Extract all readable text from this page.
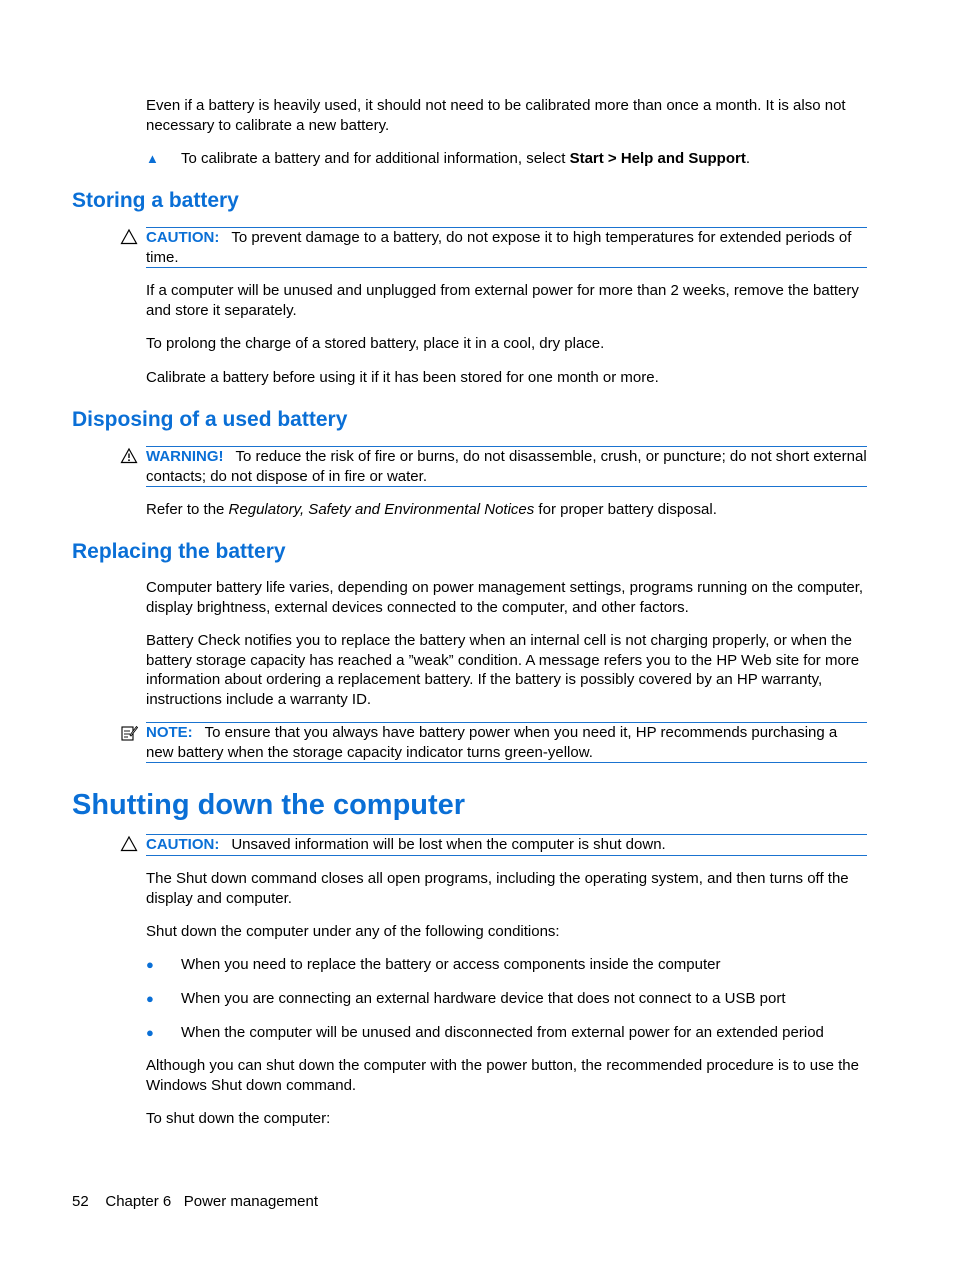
Even if a battery is heavily used, it should not need to be calibrated more than once a month. It is also not necessary to calibrate a new battery.

▲ To calibrate a battery and for additional information, select Start > Help and Support.
Storing a battery
CAUTION: To prevent damage to a battery, do not expose it to high temperatures for extended periods of time.

If a computer will be unused and unplugged from external power for more than 2 weeks, remove the battery and store it separately.

To prolong the charge of a stored battery, place it in a cool, dry place.

Calibrate a battery before using it if it has been stored for one month or more.

Disposing of a used battery
WARNING! To reduce the risk of fire or burns, do not disassemble, crush, or puncture; do not short external contacts; do not dispose of in fire or water.

Refer to the Regulatory, Safety and Environmental Notices for proper battery disposal.

Replacing the battery

Computer battery life varies, depending on power management settings, programs running on the computer, display brightness, external devices connected to the computer, and other factors.

Battery Check notifies you to replace the battery when an internal cell is not charging properly, or when the battery storage capacity has reached a ”weak” condition. A message refers you to the HP Web site for more information about ordering a replacement battery. If the battery is possibly covered by an HP warranty, instructions include a warranty ID.

NOTE: To ensure that you always have battery power when you need it, HP recommends purchasing a new battery when the storage capacity indicator turns green-yellow.
Shutting down the computer
CAUTION: Unsaved information will be lost when the computer is shut down.

The Shut down command closes all open programs, including the operating system, and then turns off the display and computer.

Shut down the computer under any of the following conditions:

● When you need to replace the battery or access components inside the computer
● When you are connecting an external hardware device that does not connect to a USB port
● When the computer will be unused and disconnected from external power for an extended period

Although you can shut down the computer with the power button, the recommended procedure is to use the Windows Shut down command.

To shut down the computer:

52 Chapter 6 Power management
